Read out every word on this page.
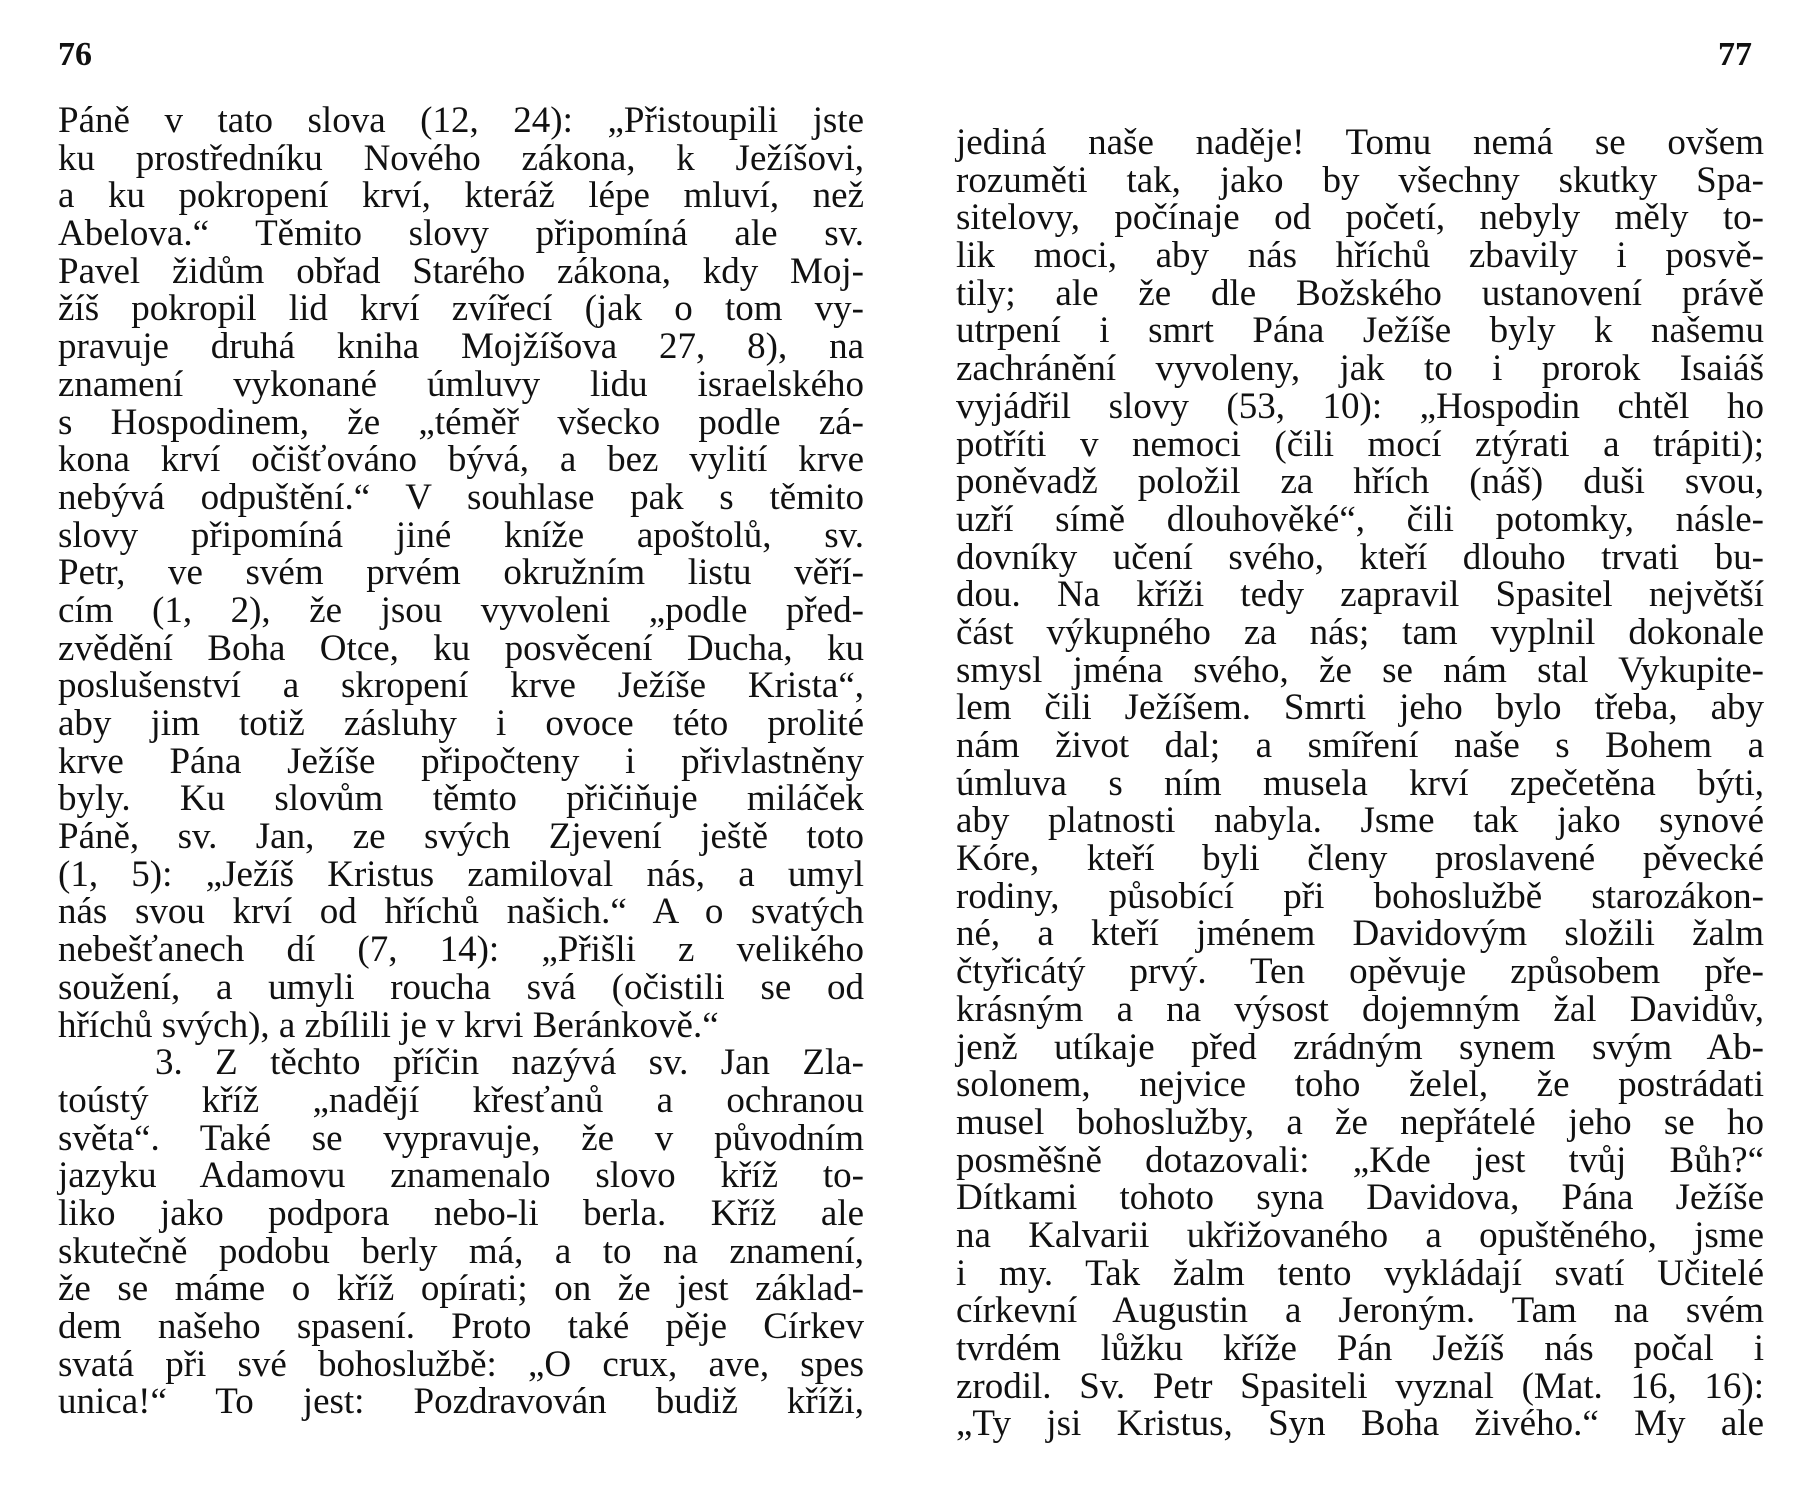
76	77
Páně v tato slova (12, 24): „Přistoupili jste
ku prostředníku Nového zákona, k Ježíšovi,
a ku pokropení krví, kteráž lépe mluví, než
Abelova.“ Těmito slovy připomíná ale sv.
Pavel židům obřad Starého zákona, kdy Moj-
žíš pokropil lid krví zvířecí (jak o tom vy-
pravuje druhá kniha Mojžíšova 27, 8), na
znamení vykonané úmluvy lidu israelského
s Hospodinem, že „téměř všecko podle zá-
kona krví očišťováno bývá, a bez vylití krve
nebývá odpuštění.“ V souhlase pak s těmito
slovy připomíná jiné kníže apoštolů, sv.
Petr, ve svém prvém okružním listu věří-
cím (1, 2), že jsou vyvoleni „podle před-
zvědění Boha Otce, ku posvěcení Ducha, ku
poslušenství a skropení krve Ježíše Krista“,
aby jim totiž zásluhy i ovoce této prolité
krve Pána Ježíše připočteny i přivlastněny
byly. Ku slovům těmto přičiňuje miláček
Páně, sv. Jan, ze svých Zjevení ještě toto
(1, 5): „Ježíš Kristus zamiloval nás, a umyl
nás svou krví od hříchů našich.“ A o svatých
nebešťanech dí (7, 14): „Přišli z velikého
soužení, a umyli roucha svá (očistili se od
hříchů svých), a zbílili je v krvi Beránkově.“
3. Z těchto příčin nazývá sv. Jan Zla-
toústý kříž „nadějí křesťanů a ochranou
světa“. Také se vypravuje, že v původním
jazyku Adamovu znamenalo slovo kříž to-
liko jako podpora nebo-li berla. Kříž ale
skutečně podobu berly má, a to na znamení,
že se máme o kříž opírati; on že jest základ-
dem našeho spasení. Proto také pěje Církev
svatá při své bohoslužbě: „O crux, ave, spes
unica!“ To jest: Pozdravován budiž kříži,
jediná naše naděje! Tomu nemá se ovšem
rozuměti tak, jako by všechny skutky Spa-
sitelovy, počínaje od početí, nebyly měly to-
lik moci, aby nás hříchů zbavily i posvě-
tily; ale že dle Božského ustanovení právě
utrpení i smrt Pána Ježíše byly k našemu
zachránění vyvoleny, jak to i prorok Isaiáš
vyjádřil slovy (53, 10): „Hospodin chtěl ho
potříti v nemoci (čili mocí ztýrati a trápiti);
poněvadž položil za hřích (náš) duši svou,
uzří símě dlouhověké“, čili potomky, násle-
dovníky učení svého, kteří dlouho trvati bu-
dou. Na kříži tedy zapravil Spasitel největší
část výkupného za nás; tam vyplnil dokonale
smysl jména svého, že se nám stal Vykupite-
lem čili Ježíšem. Smrti jeho bylo třeba, aby
nám život dal; a smíření naše s Bohem a
úmluva s ním musela krví zpečetěna býti,
aby platnosti nabyla. Jsme tak jako synové
Kóre, kteří byli členy proslavené pěvecké
rodiny, působící při bohoslužbě starozákon-
né, a kteří jménem Davidovým složili žalm
čtyřicátý prvý. Ten opěvuje způsobem pře-
krásným a na výsost dojemným žal Davidův,
jenž utíkaje před zrádným synem svým Ab-
solonem, nejvice toho želel, že postrádati
musel bohoslužby, a že nepřátelé jeho se ho
posměšně dotazovali: „Kde jest tvůj Bůh?“
Dítkami tohoto syna Davidova, Pána Ježíše
na Kalvarii ukřižovaného a opuštěného, jsme
i my. Tak žalm tento vykládají svatí Učitelé
církevní Augustin a Jeroným. Tam na svém
tvrdém lůžku kříže Pán Ježíš nás počal i
zrodil. Sv. Petr Spasiteli vyznal (Mat. 16, 16):
„Ty jsi Kristus, Syn Boha živého.“ My ale
